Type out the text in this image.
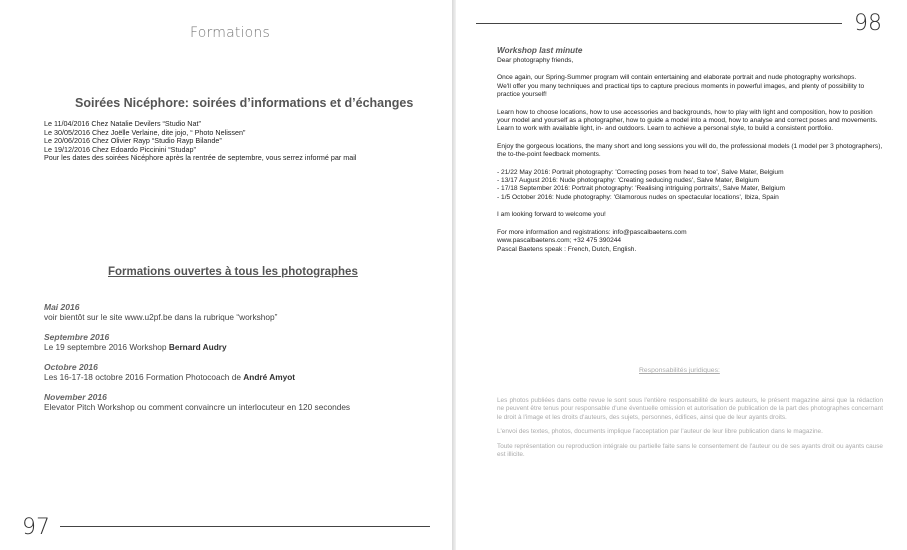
Formations
Soirées Nicéphore: soirées d’informations et d’échanges
Le 11/04/2016 Chez Natalie Devilers “Studio Nat”
Le 30/05/2016 Chez Joëlle Verlaine, dite jojo, “ Photo Nelissen”
Le 20/06/2016 Chez Olivier Rayp “Studio Rayp Bilande”
Le 19/12/2016 Chez Edoardo Piccinini “Studap”
Pour les dates des soirées Nicéphore après la rentrée de septembre, vous serrez informé par mail
Formations ouvertes à tous les photographes
Mai 2016
voir bientôt sur le site www.u2pf.be dans la rubrique “workshop”
Septembre 2016
Le 19 septembre 2016 Workshop Bernard Audry
Octobre 2016
Les 16-17-18 octobre 2016 Formation Photocoach de André Amyot
November 2016
Elevator Pitch Workshop ou comment convaincre un interlocuteur en 120 secondes
97
98
Workshop last minute

Dear photography friends,

Once again, our Spring-Summer program will contain entertaining and elaborate portrait and nude photography workshops.

We'll offer you many techniques and practical tips to capture precious moments in powerful images, and plenty of possibility to practice yourself!

Learn how to choose locations, how to use accessories and backgrounds, how to play with light and composition, how to position your model and yourself as a photographer, how to guide a model into a mood, how to analyse and correct poses and movements.

Learn to work with available light, in- and outdoors. Learn to achieve a personal style, to build a consistent portfolio.

Enjoy the gorgeous locations, the many short and long sessions you will do, the professional models (1 model per 3 photographers), the to-the-point feedback moments.

- 21/22 May 2016: Portrait photography: 'Correcting poses from head to toe', Salve Mater, Belgium
- 13/17 August 2016: Nude photography: 'Creating seducing nudes', Salve Mater, Belgium
- 17/18 September 2016: Portrait photography: 'Realising intriguing portraits', Salve Mater, Belgium
- 1/5 October 2016: Nude photography: 'Glamorous nudes on spectacular locations', Ibiza, Spain

I am looking forward to welcome you!

For more information and registrations: info@pascalbaetens.com
www.pascalbaetens.com; +32 475 390244
Pascal Baetens speak : French, Dutch, English.
Responsabilités juridiques:

Les photos publiées dans cette revue le sont sous l'entière responsabilité de leurs auteurs, le présent magazine ainsi que la rédaction ne peuvent être tenus pour responsable d'une éventuelle omission et autorisation de publication de la part des photographes concernant le droit à l'image et les droits d'auteurs, des sujets, personnes, édifices, ainsi que de leur ayants droits.

L'envoi des textes, photos, documents implique l'acceptation par l'auteur de leur libre publication dans le magazine.

Toute représentation ou reproduction intégrale ou partielle faite sans le consentement de l'auteur ou de ses ayants droit ou ayants cause est illicite.
